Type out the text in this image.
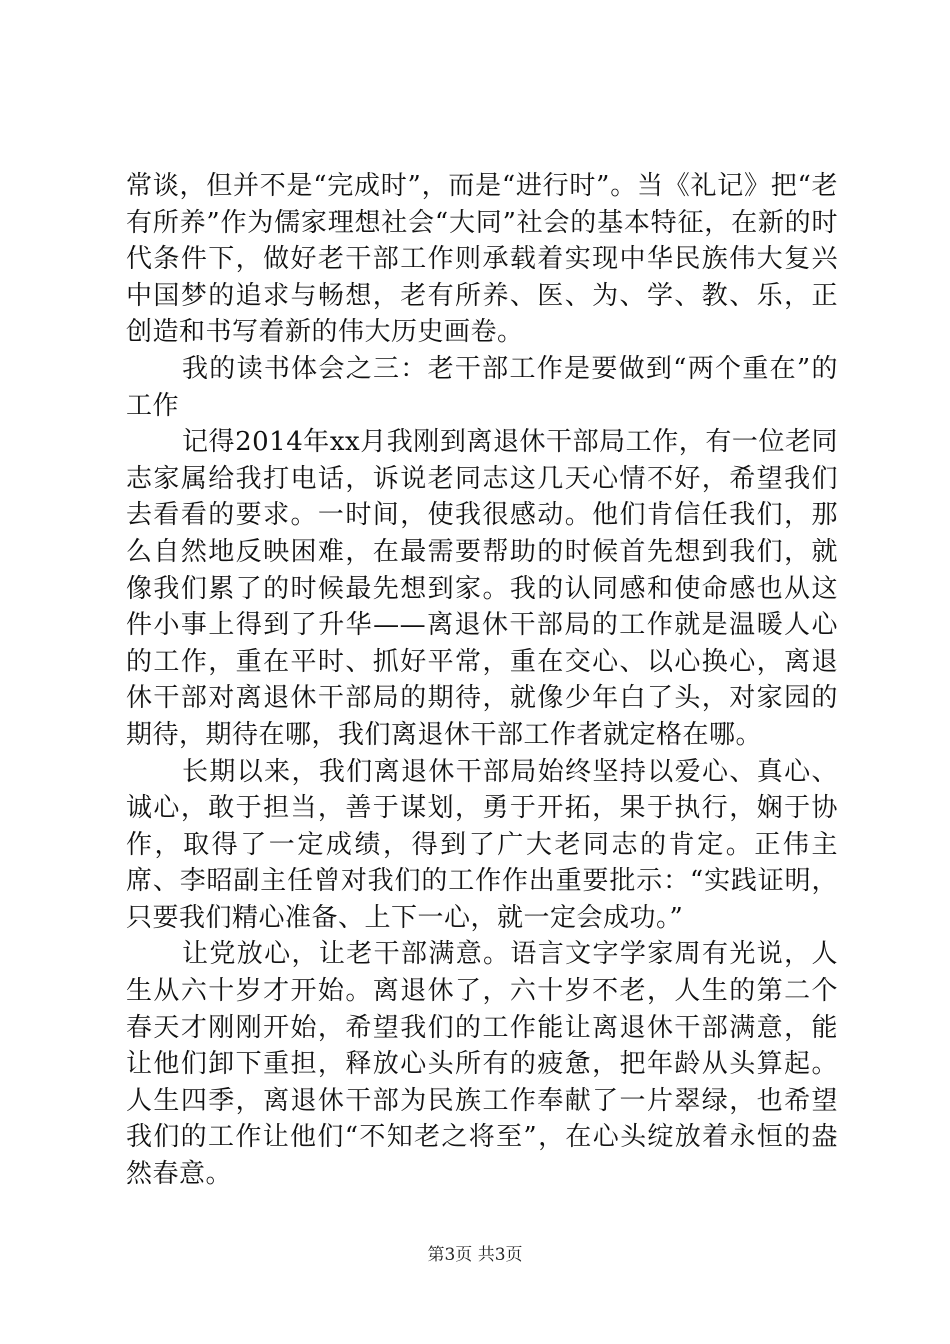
常谈，但并不是“完成时”，而是“进行时”。当《礼记》把“老有所养”作为儒家理想社会“大同”社会的基本特征，在新的时代条件下，做好老干部工作则承载着实现中华民族伟大复兴中国梦的追求与畅想，老有所养、医、为、学、教、乐，正创造和书写着新的伟大历史画卷。

我的读书体会之三：老干部工作是要做到“两个重在”的工作

记得2014年xx月我刚到离退休干部局工作，有一位老同志家属给我打电话，诉说老同志这几天心情不好，希望我们去看看的要求。一时间，使我很感动。他们肯信任我们，那么自然地反映困难，在最需要帮助的时候首先想到我们，就像我们累了的时候最先想到家。我的认同感和使命感也从这件小事上得到了升华——离退休干部局的工作就是温暖人心的工作，重在平时、抓好平常，重在交心、以心换心，离退休干部对离退休干部局的期待，就像少年白了头，对家园的期待，期待在哪，我们离退休干部工作者就定格在哪。

长期以来，我们离退休干部局始终坚持以爱心、真心、诚心，敢于担当，善于谋划，勇于开拓，果于执行，娴于协作，取得了一定成绩，得到了广大老同志的肯定。正伟主席、李昭副主任曾对我们的工作作出重要批示：“实践证明，只要我们精心准备、上下一心，就一定会成功。”

让党放心，让老干部满意。语言文字学家周有光说，人生从六十岁才开始。离退休了，六十岁不老，人生的第二个春天才刚刚开始，希望我们的工作能让离退休干部满意，能让他们卸下重担，释放心头所有的疲惫，把年龄从头算起。人生四季，离退休干部为民族工作奉献了一片翠绿，也希望我们的工作让他们“不知老之将至”，在心头绽放着永恒的盎然春意。

第3页 共3页
